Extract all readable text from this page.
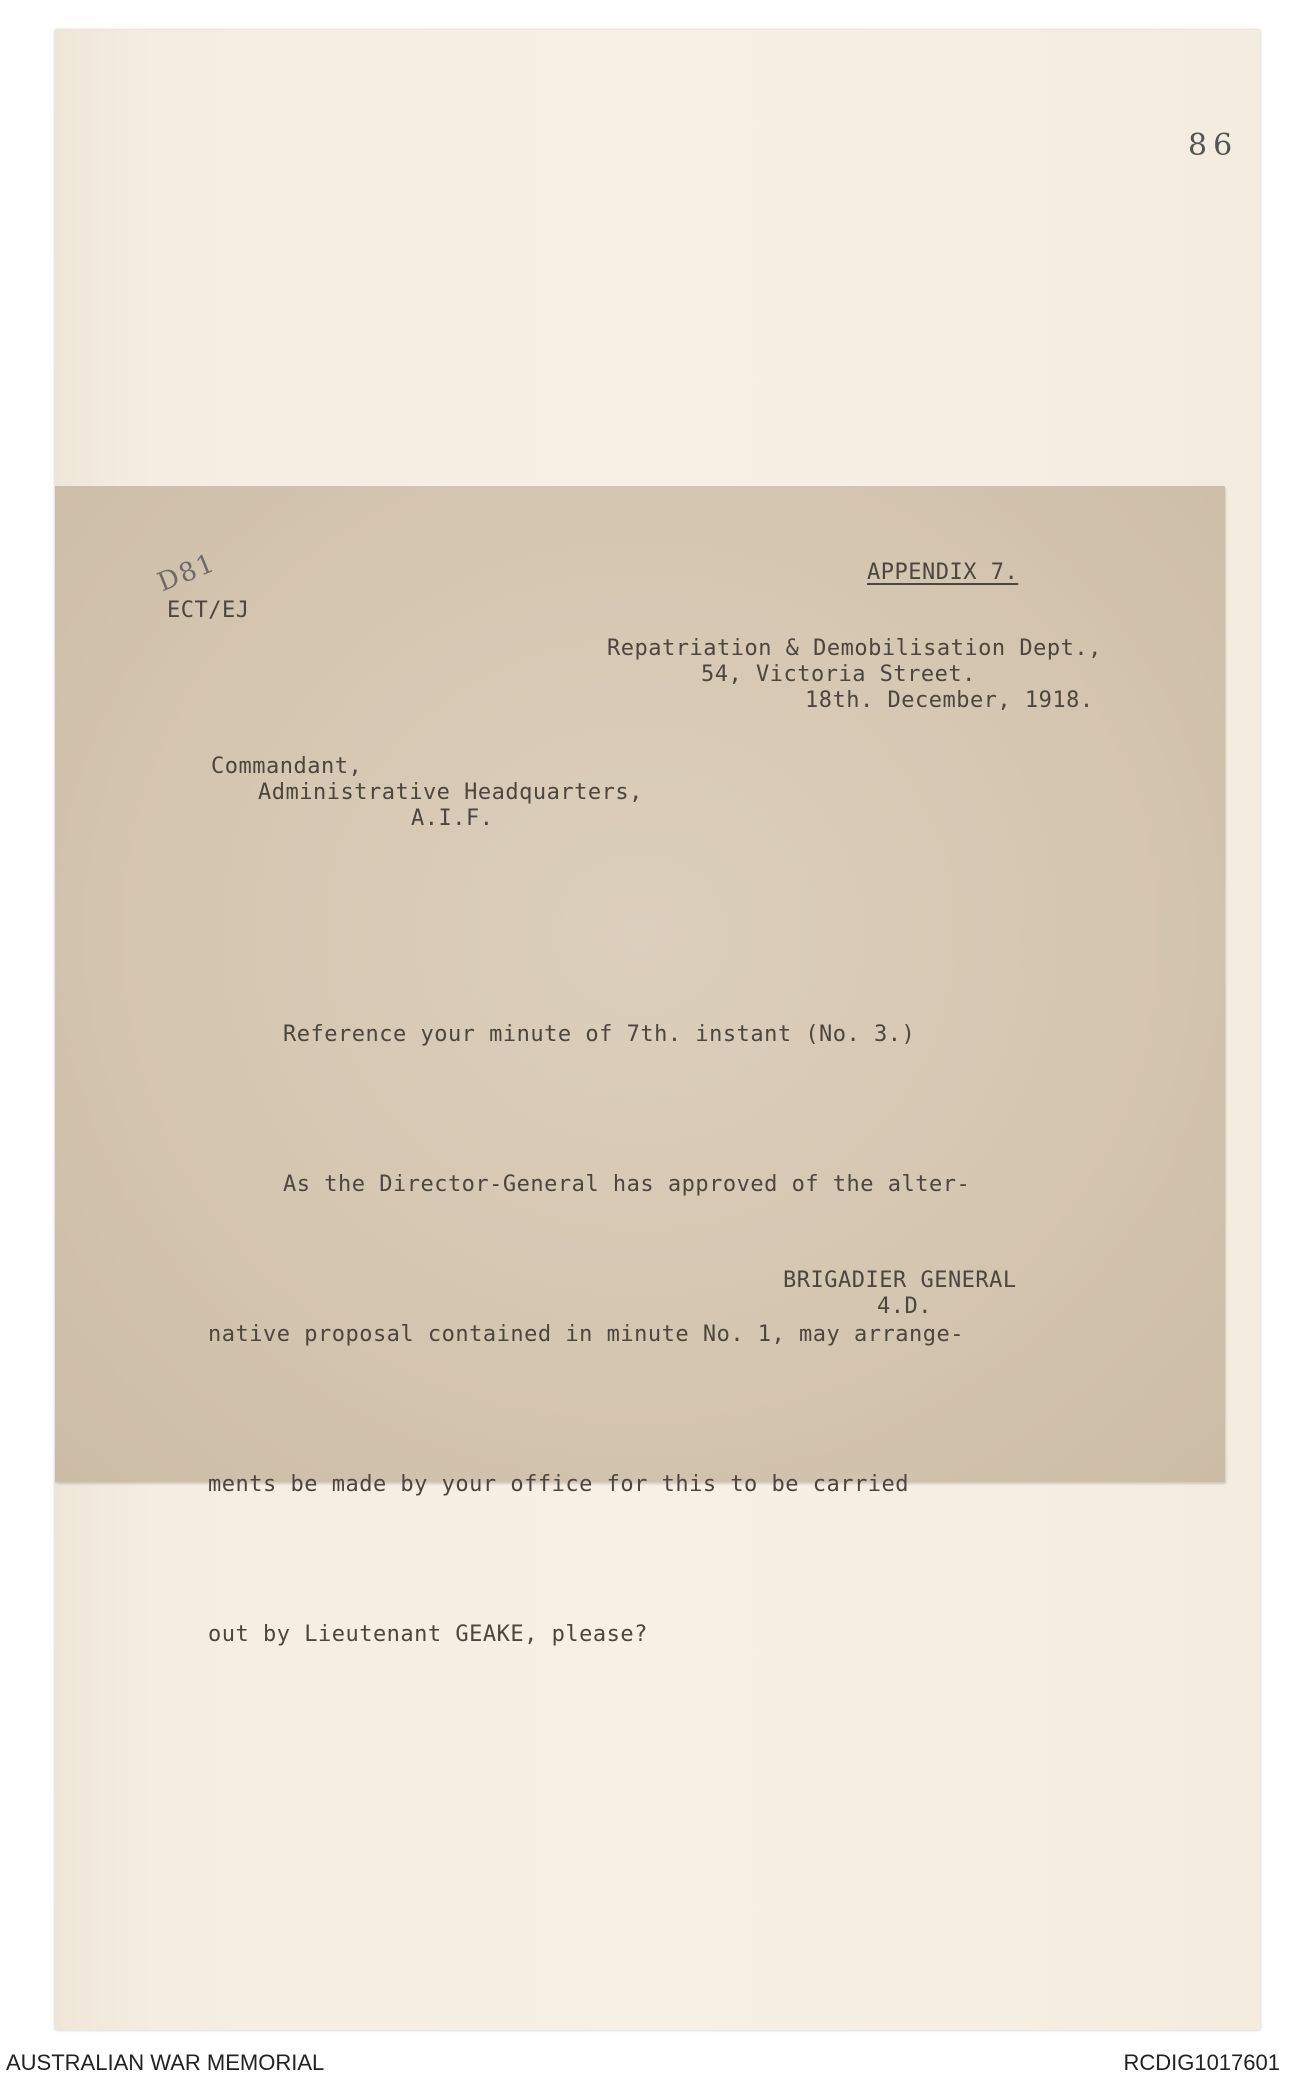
86
D81	APPENDIX 7.
ECT/EJ
Repatriation & Demobilisation Dept.,
54, Victoria Street.
18th. December, 1918.
Commandant,
Administrative Headquarters,
A.I.F.

Reference your minute of 7th. instant (No. 3.)

As the Director-General has approved of the alter-

native proposal contained in minute No. 1, may arrange-

ments be made by your office for this to be carried

out by Lieutenant GEAKE, please?

BRIGADIER GENERAL
4.D.
AUSTRALIAN WAR MEMORIAL	RCDIG1017601
